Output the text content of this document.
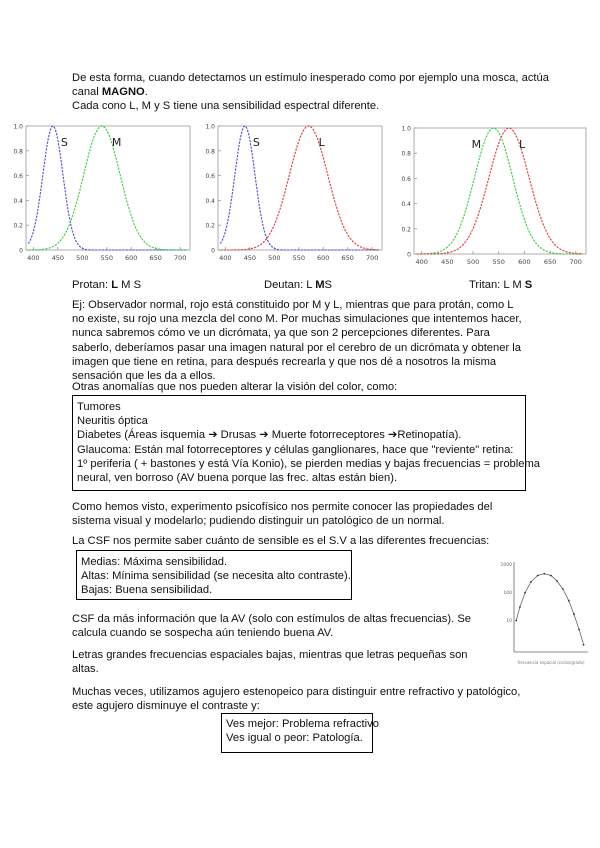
De esta forma, cuando detectamos un estímulo inesperado como por ejemplo una mosca, actúa
canal MAGNO.
Cada cono L, M y S tiene una sensibilidad espectral diferente.
0
0.2
0.4
0.6
0.8
1.0
400 450 500 550 600 650 700
S	M
0
0.2
0.4
0.6
0.8
1.0
400 450 500 550 600 650 700
S	L
0
0.2
0.4
0.6
0.8
1.0
400 450 500 550 600 650 700
M	L
Protan: L M S	Deutan: L MS	Tritan: L M S
Ej: Observador normal, rojo está constituido por M y L, mientras que para protán, como L no existe, su rojo una mezcla del cono M. Por muchas simulaciones que intentemos hacer, nunca sabremos cómo ve un dicrómata, ya que son 2 percepciones diferentes. Para saberlo, deberíamos pasar una imagen natural por el cerebro de un dicrómata y obtener la imagen que tiene en retina, para después recrearla y que nos dé a nosotros la misma sensación que les da a ellos.
Otras anomalías que nos pueden alterar la visión del color, como:
Tumores
Neuritis óptica
Diabetes (Áreas isquemia ➔ Drusas ➔ Muerte fotorreceptores ➔Retinopatía).
Glaucoma: Están mal fotorreceptores y células ganglionares, hace que "reviente" retina:
1º periferia ( + bastones y está Vía Konio), se pierden medias y bajas frecuencias = problema
neural, ven borroso (AV buena porque las frec. altas están bien).
Como hemos visto, experimento psicofísico nos permite conocer las propiedades del sistema visual y modelarlo; pudiendo distinguir un patológico de un normal.
La CSF nos permite saber cuánto de sensible es el S.V a las diferentes frecuencias:
Medias: Máxima sensibilidad.
Altas: Mínima sensibilidad (se necesita alto contraste).
Bajas: Buena sensibilidad.
1000
100
10
frecuencia espacial (ciclos/grado)
CSF da más información que la AV (solo con estímulos de altas frecuencias). Se calcula cuando se sospecha aún teniendo buena AV.
Letras grandes frecuencias espaciales bajas, mientras que letras pequeñas son altas.
Muchas veces, utilizamos agujero estenopeico para distinguir entre refractivo y patológico, este agujero disminuye el contraste y:
Ves mejor: Problema refractivo
Ves igual o peor: Patología.
